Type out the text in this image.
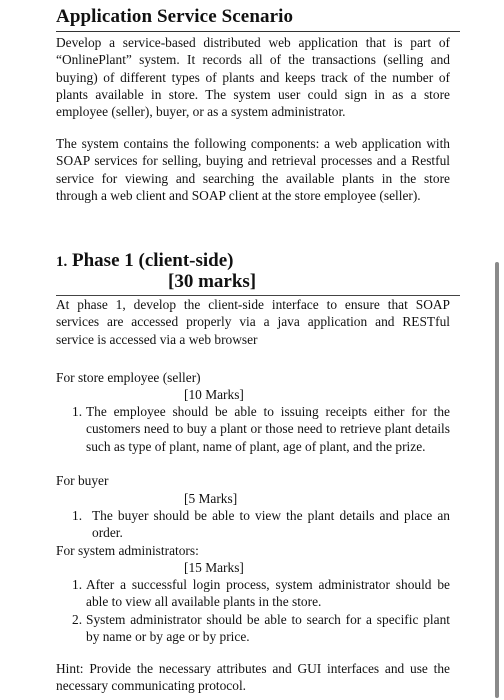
Application Service Scenario
Develop a service-based distributed web application that is part of “OnlinePlant” system. It records all of the transactions (selling and buying) of different types of plants and keeps track of the number of plants available in store. The system user could sign in as a store employee (seller), buyer, or as a system administrator.
The system contains the following components: a web application with SOAP services for selling, buying and retrieval processes and a Restful service for viewing and searching the available plants in the store through a web client and SOAP client at the store employee (seller).
1. Phase 1 (client-side)
[30 marks]
At phase 1, develop the client-side interface to ensure that SOAP services are accessed properly via a java application and RESTful service is accessed via a web browser
For store employee (seller)
[10 Marks]
1. The employee should be able to issuing receipts either for the customers need to buy a plant or those need to retrieve plant details such as type of plant, name of plant, age of plant, and the prize.
For buyer
[5 Marks]
1. The buyer should be able to view the plant details and place an order.
For system administrators:
[15 Marks]
1. After a successful login process, system administrator should be able to view all available plants in the store.
2. System administrator should be able to search for a specific plant by name or by age or by price.
Hint: Provide the necessary attributes and GUI interfaces and use the necessary communicating protocol.
